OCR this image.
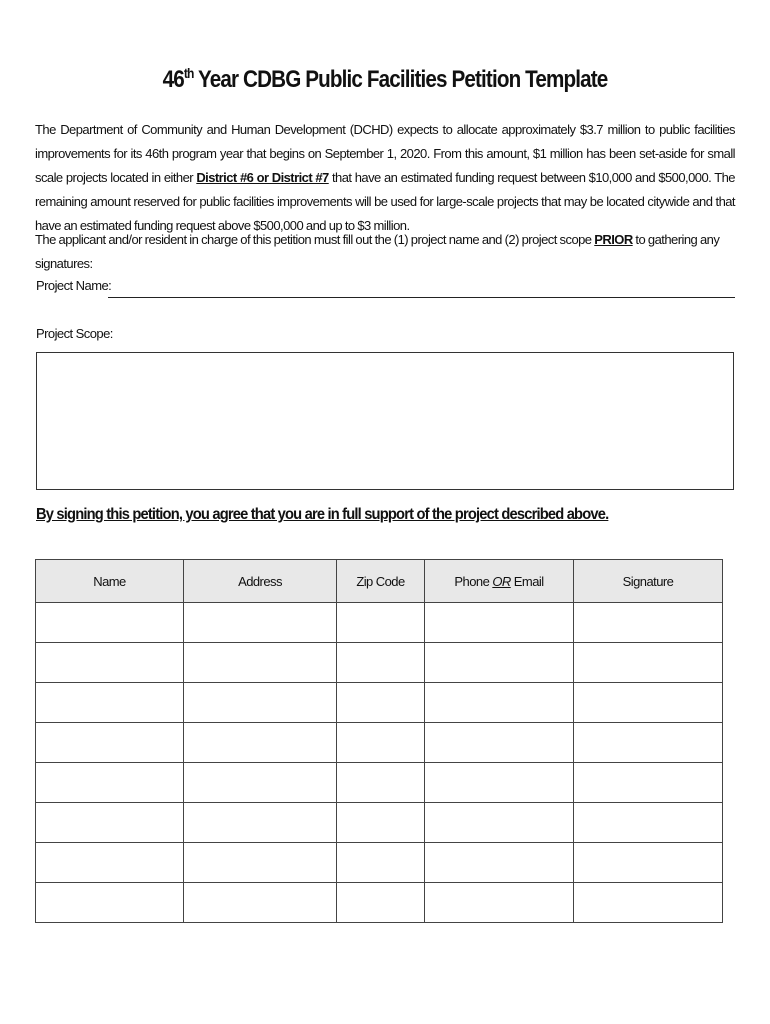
46th Year CDBG Public Facilities Petition Template
The Department of Community and Human Development (DCHD) expects to allocate approximately $3.7 million to public facilities improvements for its 46th program year that begins on September 1, 2020. From this amount, $1 million has been set-aside for small scale projects located in either District #6 or District #7 that have an estimated funding request between $10,000 and $500,000. The remaining amount reserved for public facilities improvements will be used for large-scale projects that may be located citywide and that have an estimated funding request above $500,000 and up to $3 million.
The applicant and/or resident in charge of this petition must fill out the (1) project name and (2) project scope PRIOR to gathering any signatures:
Project Name:
Project Scope:
By signing this petition, you agree that you are in full support of the project described above.
Name	Address	Zip Code	Phone OR Email	Signature
